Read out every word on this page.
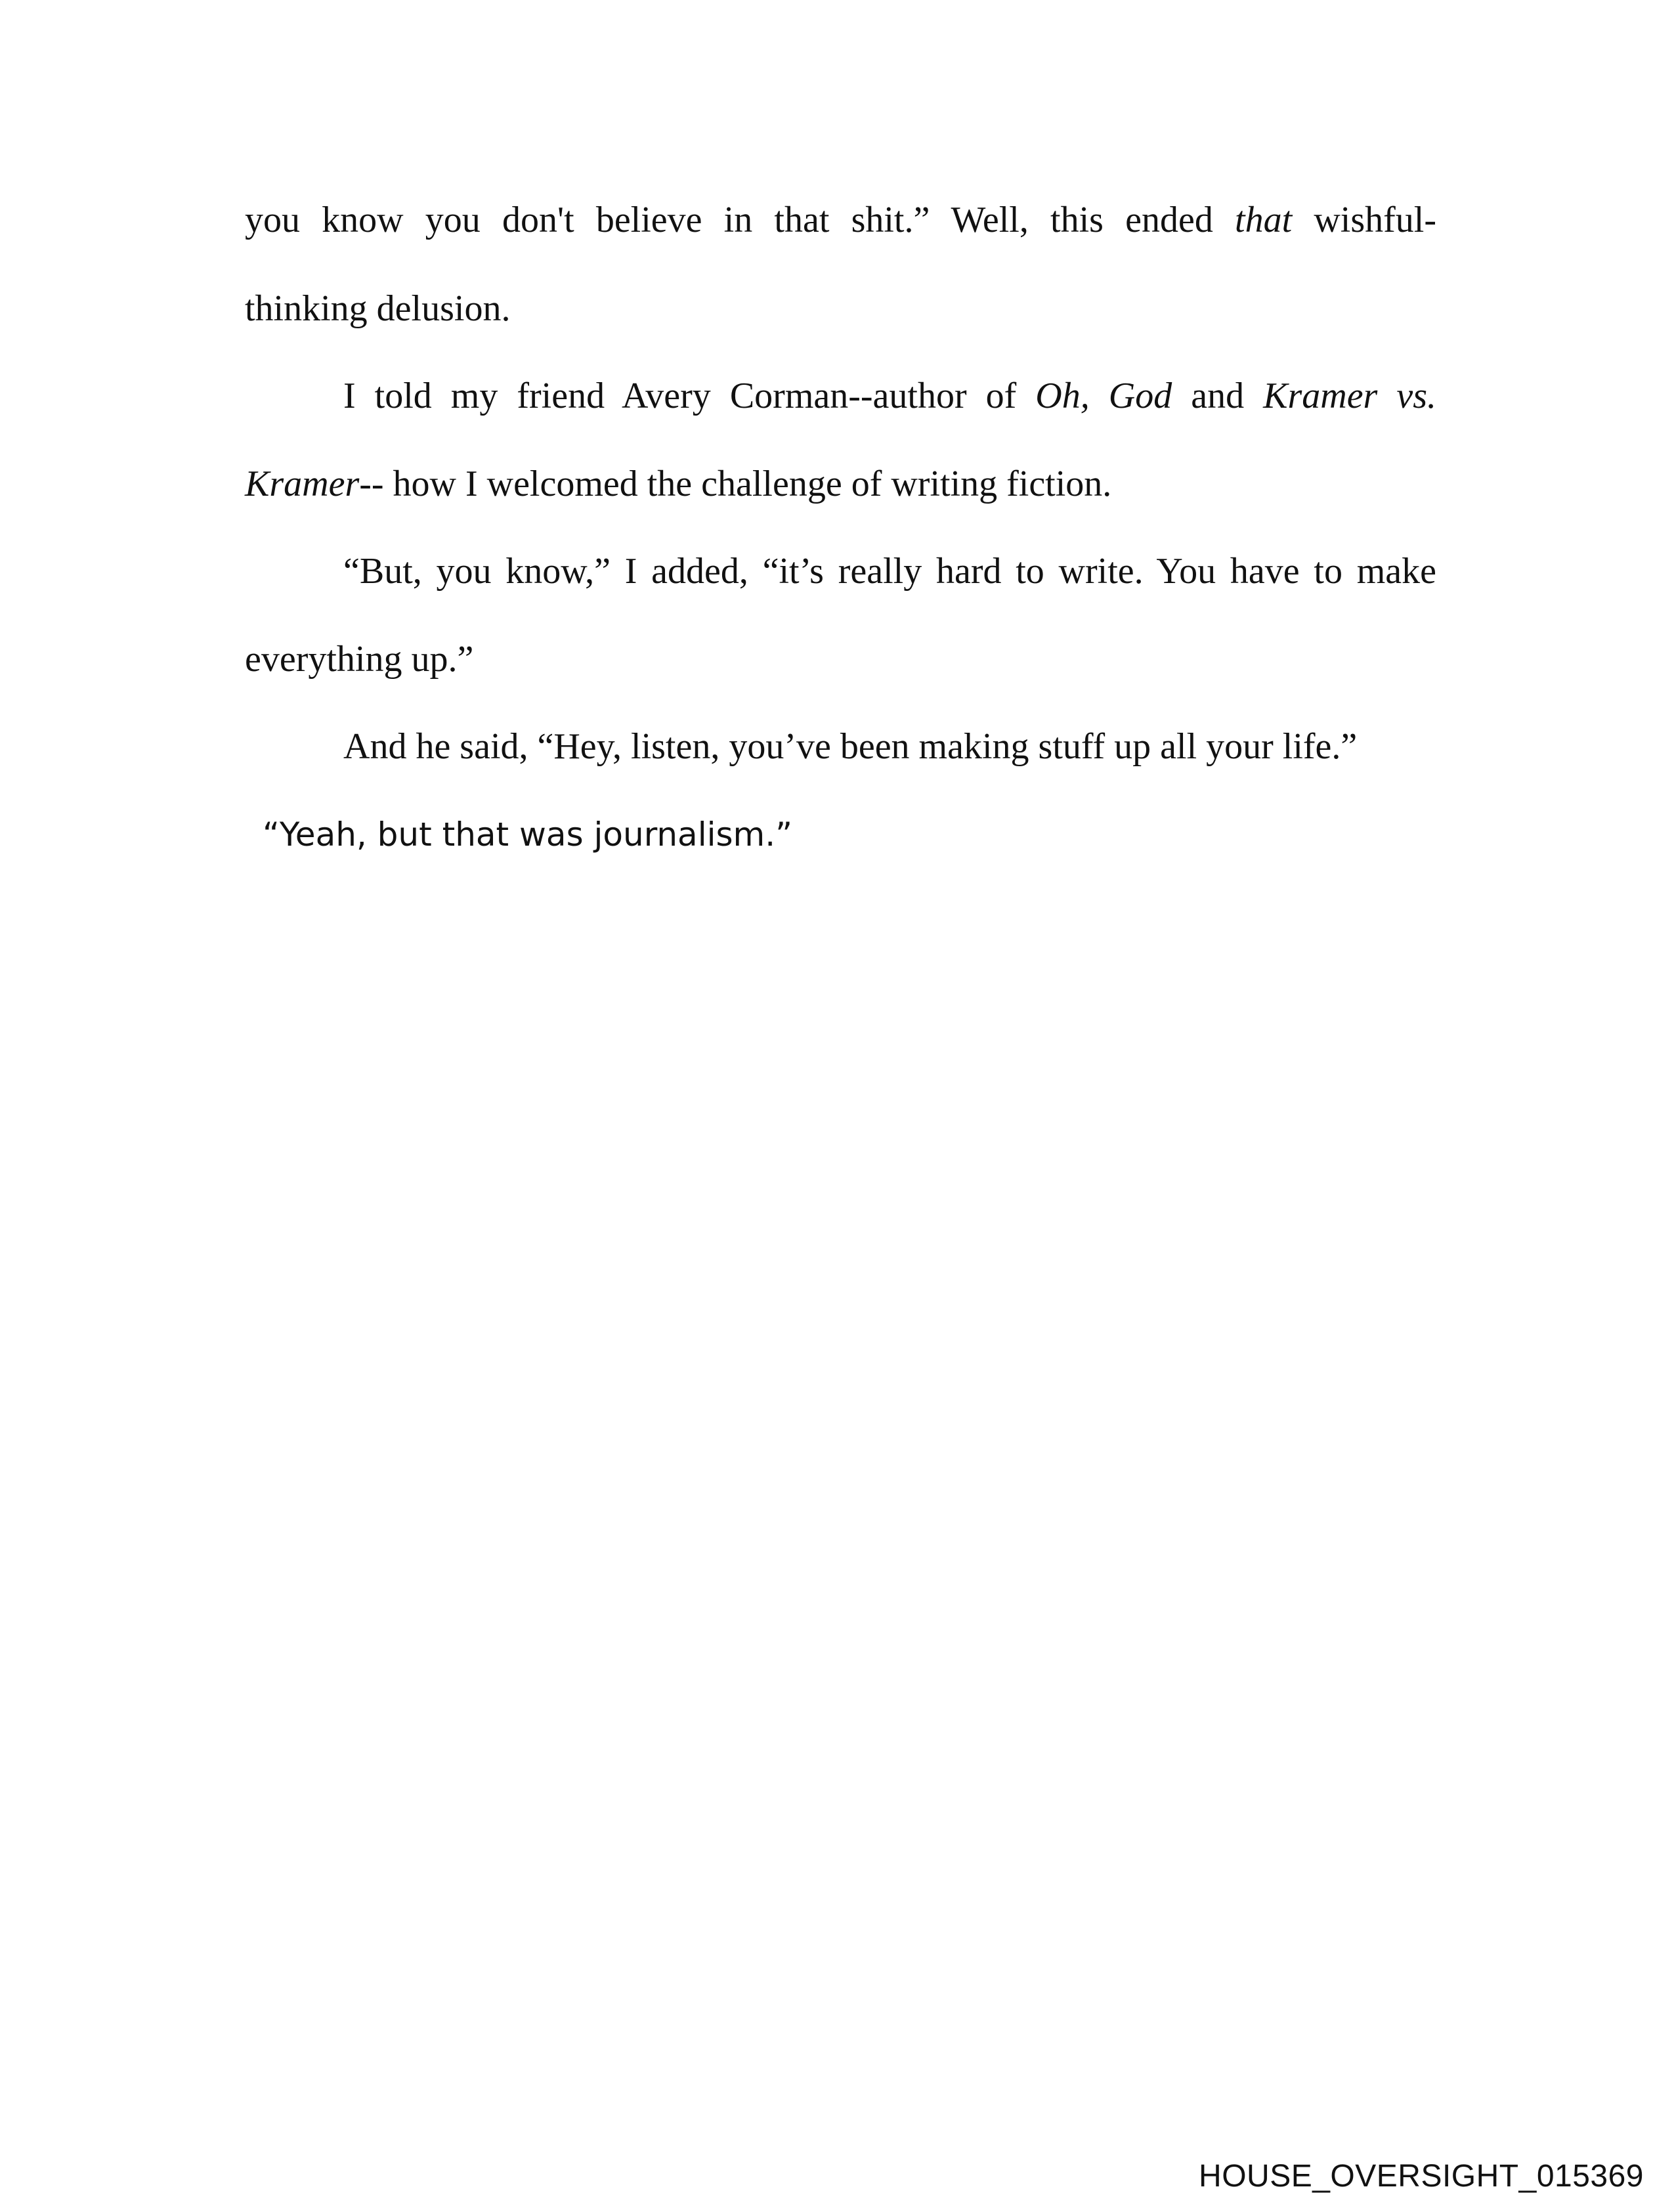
you know you don't believe in that shit.” Well, this ended that wishful-
thinking delusion.
I told my friend Avery Corman--author of Oh, God and Kramer vs.
Kramer-- how I welcomed the challenge of writing fiction.
“But, you know,” I added, “it’s really hard to write. You have to make
everything up.”
And he said, “Hey, listen, you’ve been making stuff up all your life.”
“Yeah, but that was journalism.”
HOUSE_OVERSIGHT_015369
